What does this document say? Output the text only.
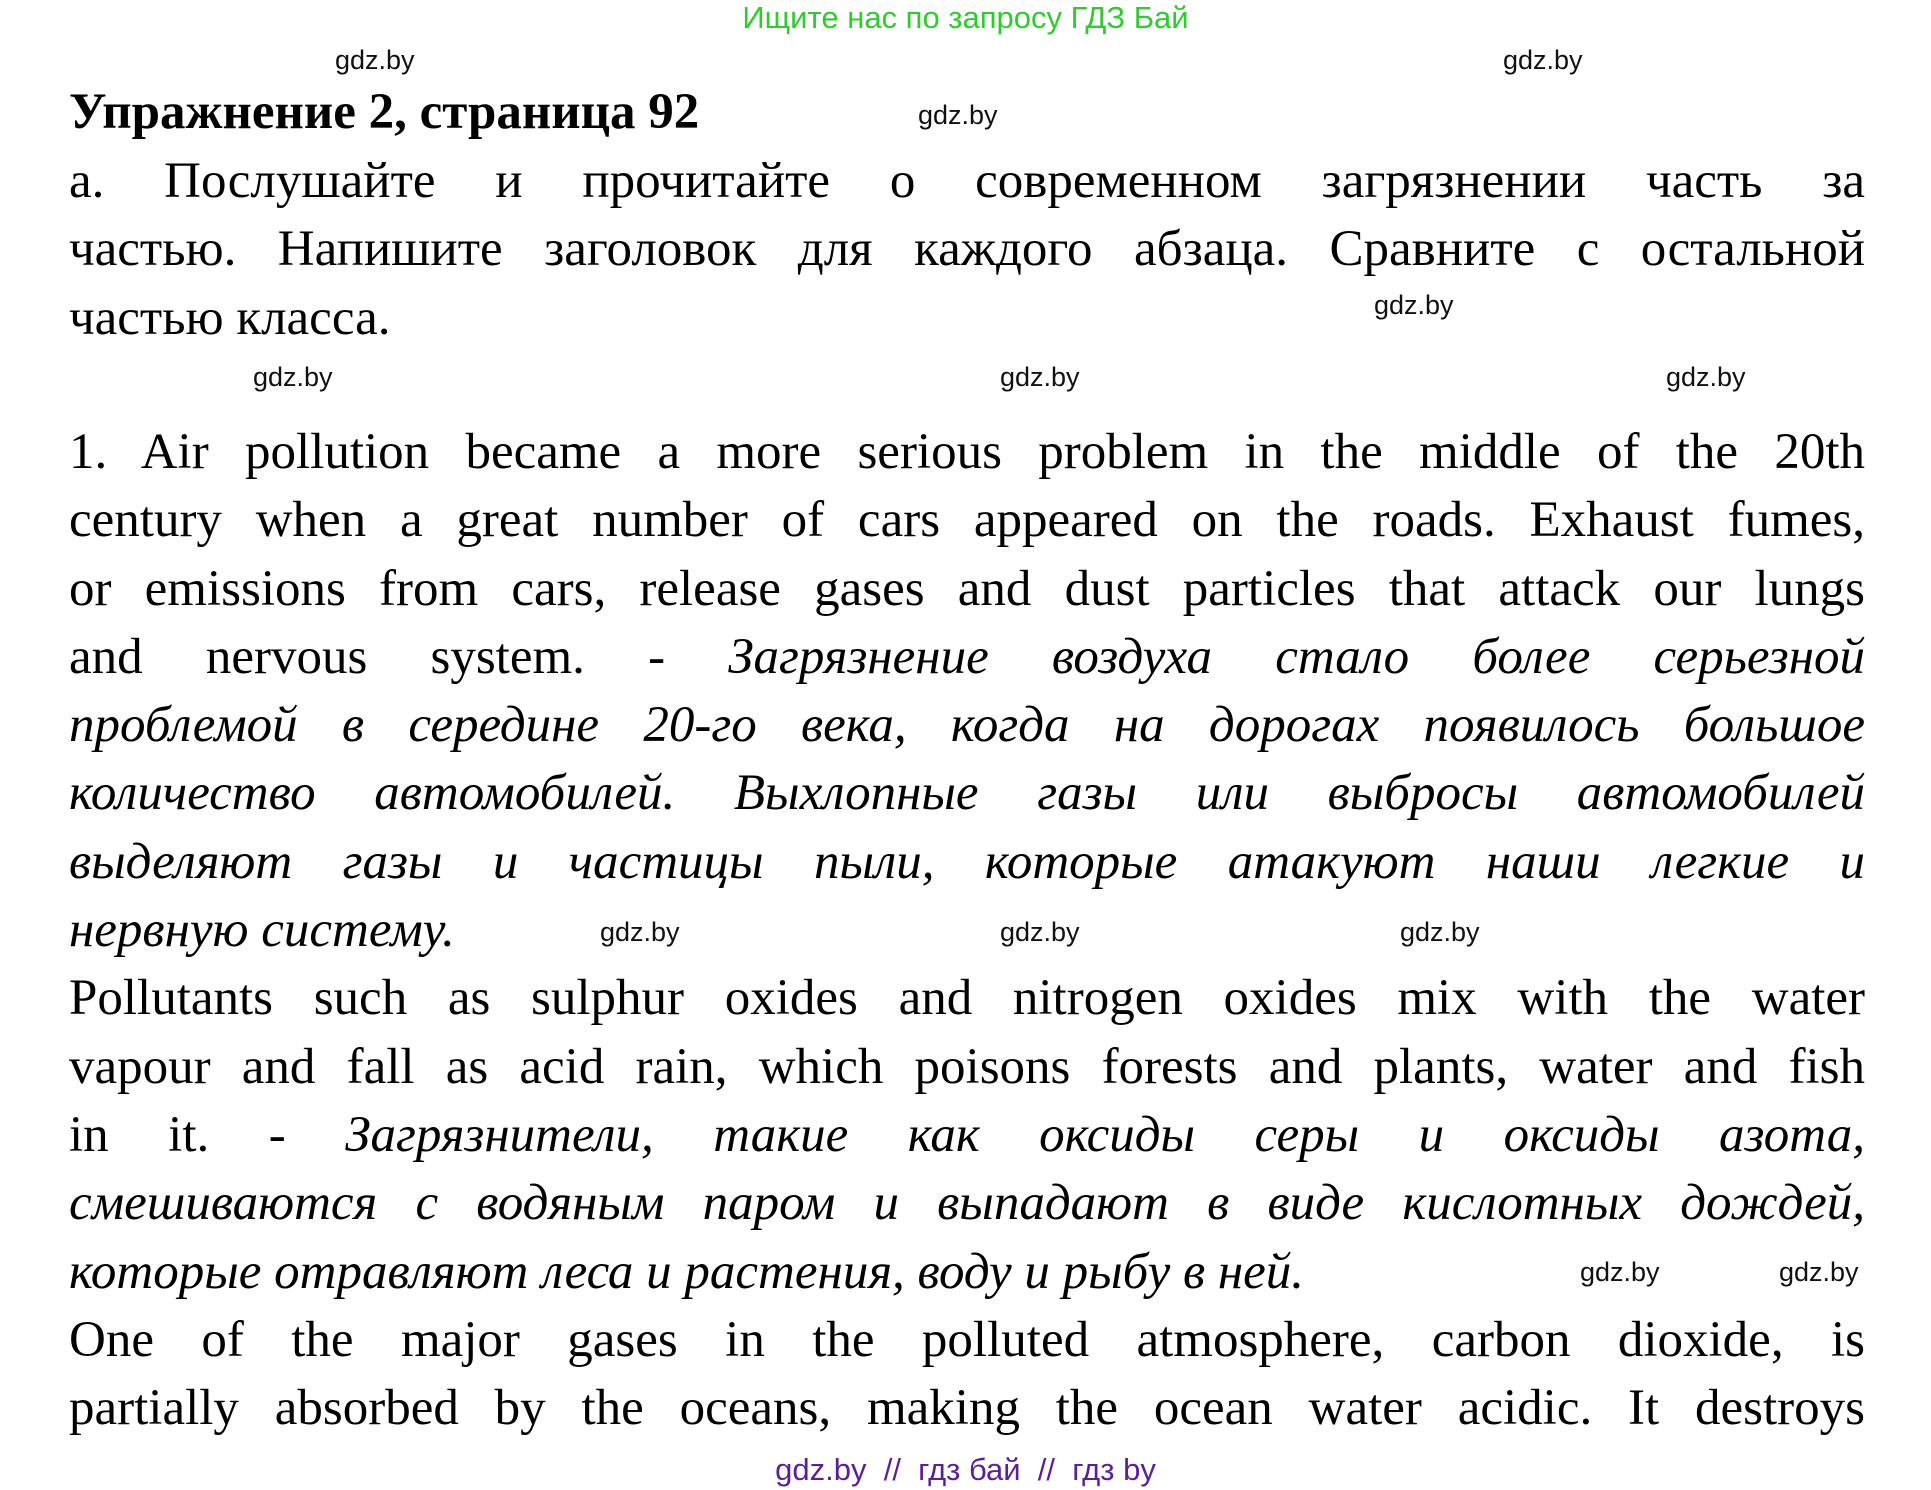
Ищите нас по запросу ГДЗ Бай
Упражнение 2, страница 92
а. Послушайте и прочитайте о современном загрязнении часть за
частью. Напишите заголовок для каждого абзаца. Сравните с остальной
частью класса.
1. Air pollution became a more serious problem in the middle of the 20th
century when a great number of cars appeared on the roads. Exhaust fumes,
or emissions from cars, release gases and dust particles that attack our lungs
and nervous system. - Загрязнение воздуха стало более серьезной
проблемой в середине 20-го века, когда на дорогах появилось большое
количество автомобилей. Выхлопные газы или выбросы автомобилей
выделяют газы и частицы пыли, которые атакуют наши легкие и
нервную систему.
Pollutants such as sulphur oxides and nitrogen oxides mix with the water
vapour and fall as acid rain, which poisons forests and plants, water and fish
in it. - Загрязнители, такие как оксиды серы и оксиды азота,
смешиваются с водяным паром и выпадают в виде кислотных дождей,
которые отравляют леса и растения, воду и рыбу в ней.
One of the major gases in the polluted atmosphere, carbon dioxide, is
partially absorbed by the oceans, making the ocean water acidic. It destroys
gdz.by
gdz.by
gdz.by
gdz.by
gdz.by	gdz.by	gdz.by
gdz.by	gdz.by	gdz.by
gdz.by	gdz.by
gdz.by  //  гдз бай  //  гдз by
